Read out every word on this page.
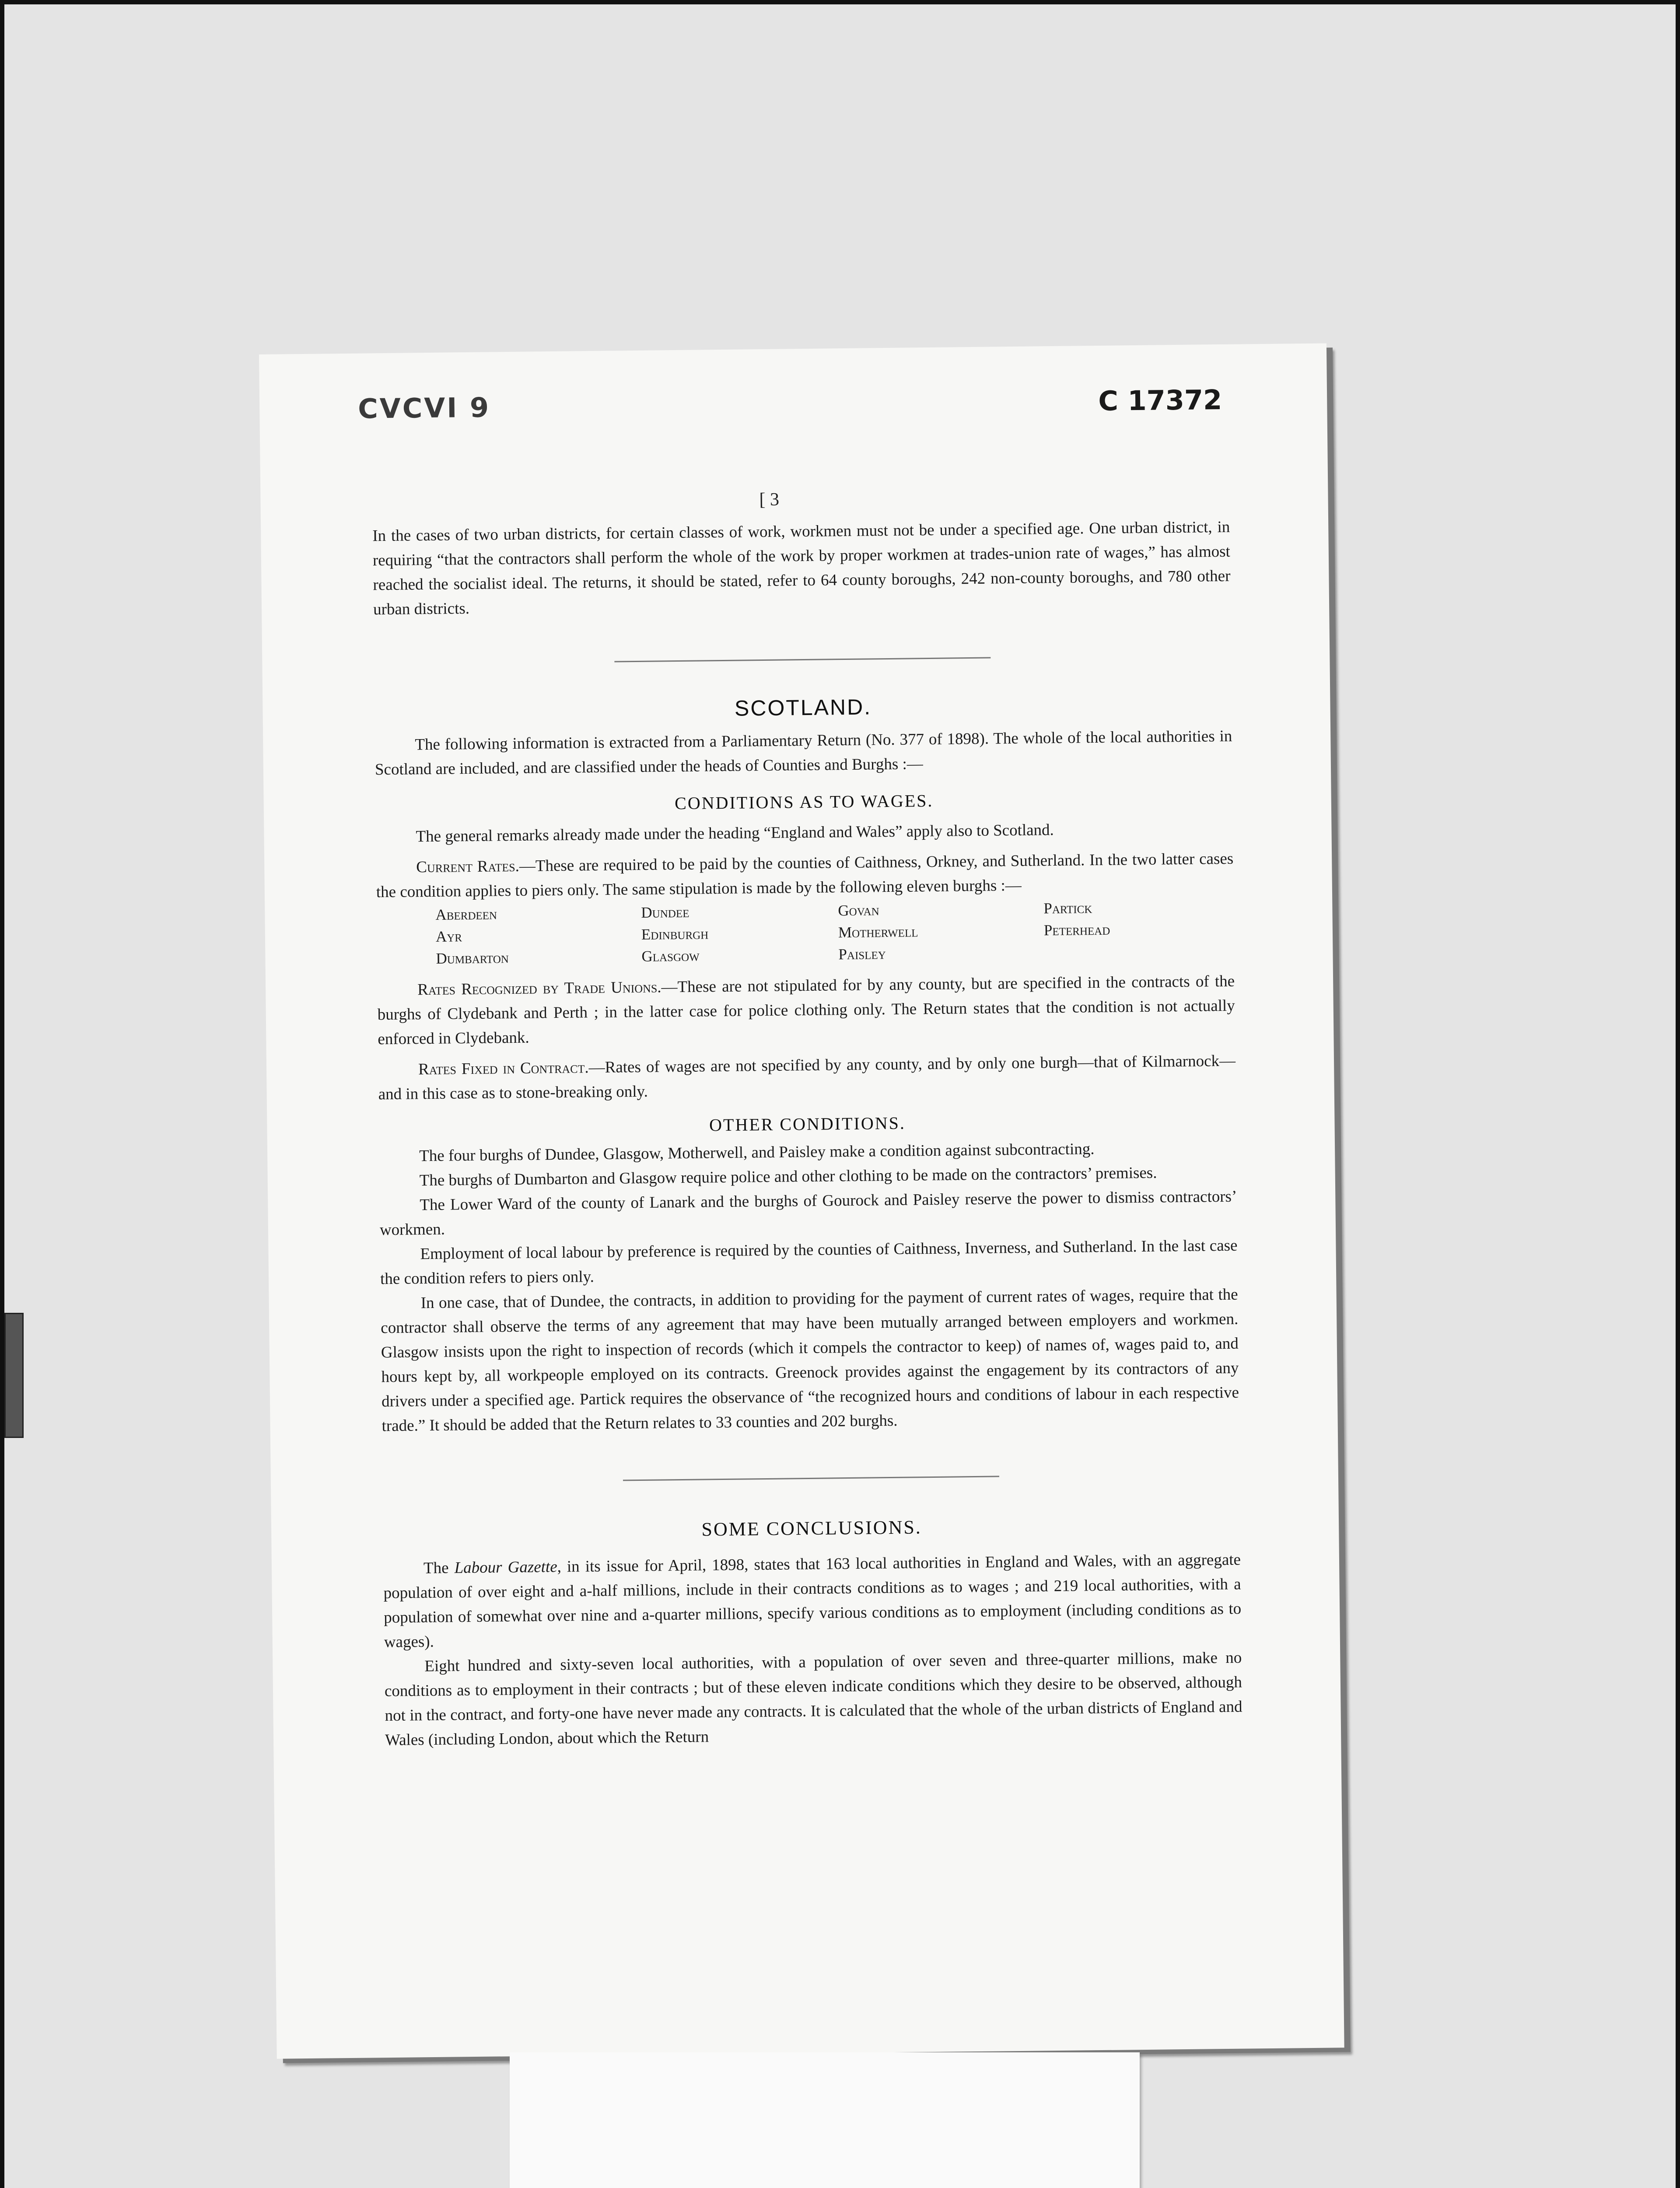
CVCVI 9	C 17372
[ 3

In the cases of two urban districts, for certain classes of work, workmen must not be under a specified age. One urban district, in requiring “that the contractors shall perform the whole of the work by proper workmen at trades-union rate of wages,” has almost reached the socialist ideal. The returns, it should be stated, refer to 64 county boroughs, 242 non-county boroughs, and 780 other urban districts.

SCOTLAND.

The following information is extracted from a Parliamentary Return (No. 377 of 1898). The whole of the local authorities in Scotland are included, and are classified under the heads of Counties and Burghs :—

CONDITIONS AS TO WAGES.

The general remarks already made under the heading “England and Wales” apply also to Scotland.

Current Rates.—These are required to be paid by the counties of Caithness, Orkney, and Sutherland. In the two latter cases the condition applies to piers only. The same stipulation is made by the following eleven burghs :—

Aberdeen	Dundee	Govan	Partick
Ayr	Edinburgh	Motherwell	Peterhead
Dumbarton	Glasgow	Paisley

Rates Recognized by Trade Unions.—These are not stipulated for by any county, but are specified in the contracts of the burghs of Clydebank and Perth ; in the latter case for police clothing only. The Return states that the condition is not actually enforced in Clydebank.

Rates Fixed in Contract.—Rates of wages are not specified by any county, and by only one burgh—that of Kilmarnock—and in this case as to stone-breaking only.

OTHER CONDITIONS.

The four burghs of Dundee, Glasgow, Motherwell, and Paisley make a condition against subcontracting.

The burghs of Dumbarton and Glasgow require police and other clothing to be made on the contractors’ premises.

The Lower Ward of the county of Lanark and the burghs of Gourock and Paisley reserve the power to dismiss contractors’ workmen.

Employment of local labour by preference is required by the counties of Caithness, Inverness, and Sutherland. In the last case the condition refers to piers only.

In one case, that of Dundee, the contracts, in addition to providing for the payment of current rates of wages, require that the contractor shall observe the terms of any agreement that may have been mutually arranged between employers and workmen. Glasgow insists upon the right to inspection of records (which it compels the contractor to keep) of names of, wages paid to, and hours kept by, all workpeople employed on its contracts. Greenock provides against the engagement by its contractors of any drivers under a specified age. Partick requires the observance of “the recognized hours and conditions of labour in each respective trade.” It should be added that the Return relates to 33 counties and 202 burghs.

SOME CONCLUSIONS.

The Labour Gazette, in its issue for April, 1898, states that 163 local authorities in England and Wales, with an aggregate population of over eight and a-half millions, include in their contracts conditions as to wages ; and 219 local authorities, with a population of somewhat over nine and a-quarter millions, specify various conditions as to employment (including conditions as to wages).

Eight hundred and sixty-seven local authorities, with a population of over seven and three-quarter millions, make no conditions as to employment in their contracts ; but of these eleven indicate conditions which they desire to be observed, although not in the contract, and forty-one have never made any contracts. It is calculated that the whole of the urban districts of England and Wales (including London, about which the Return
